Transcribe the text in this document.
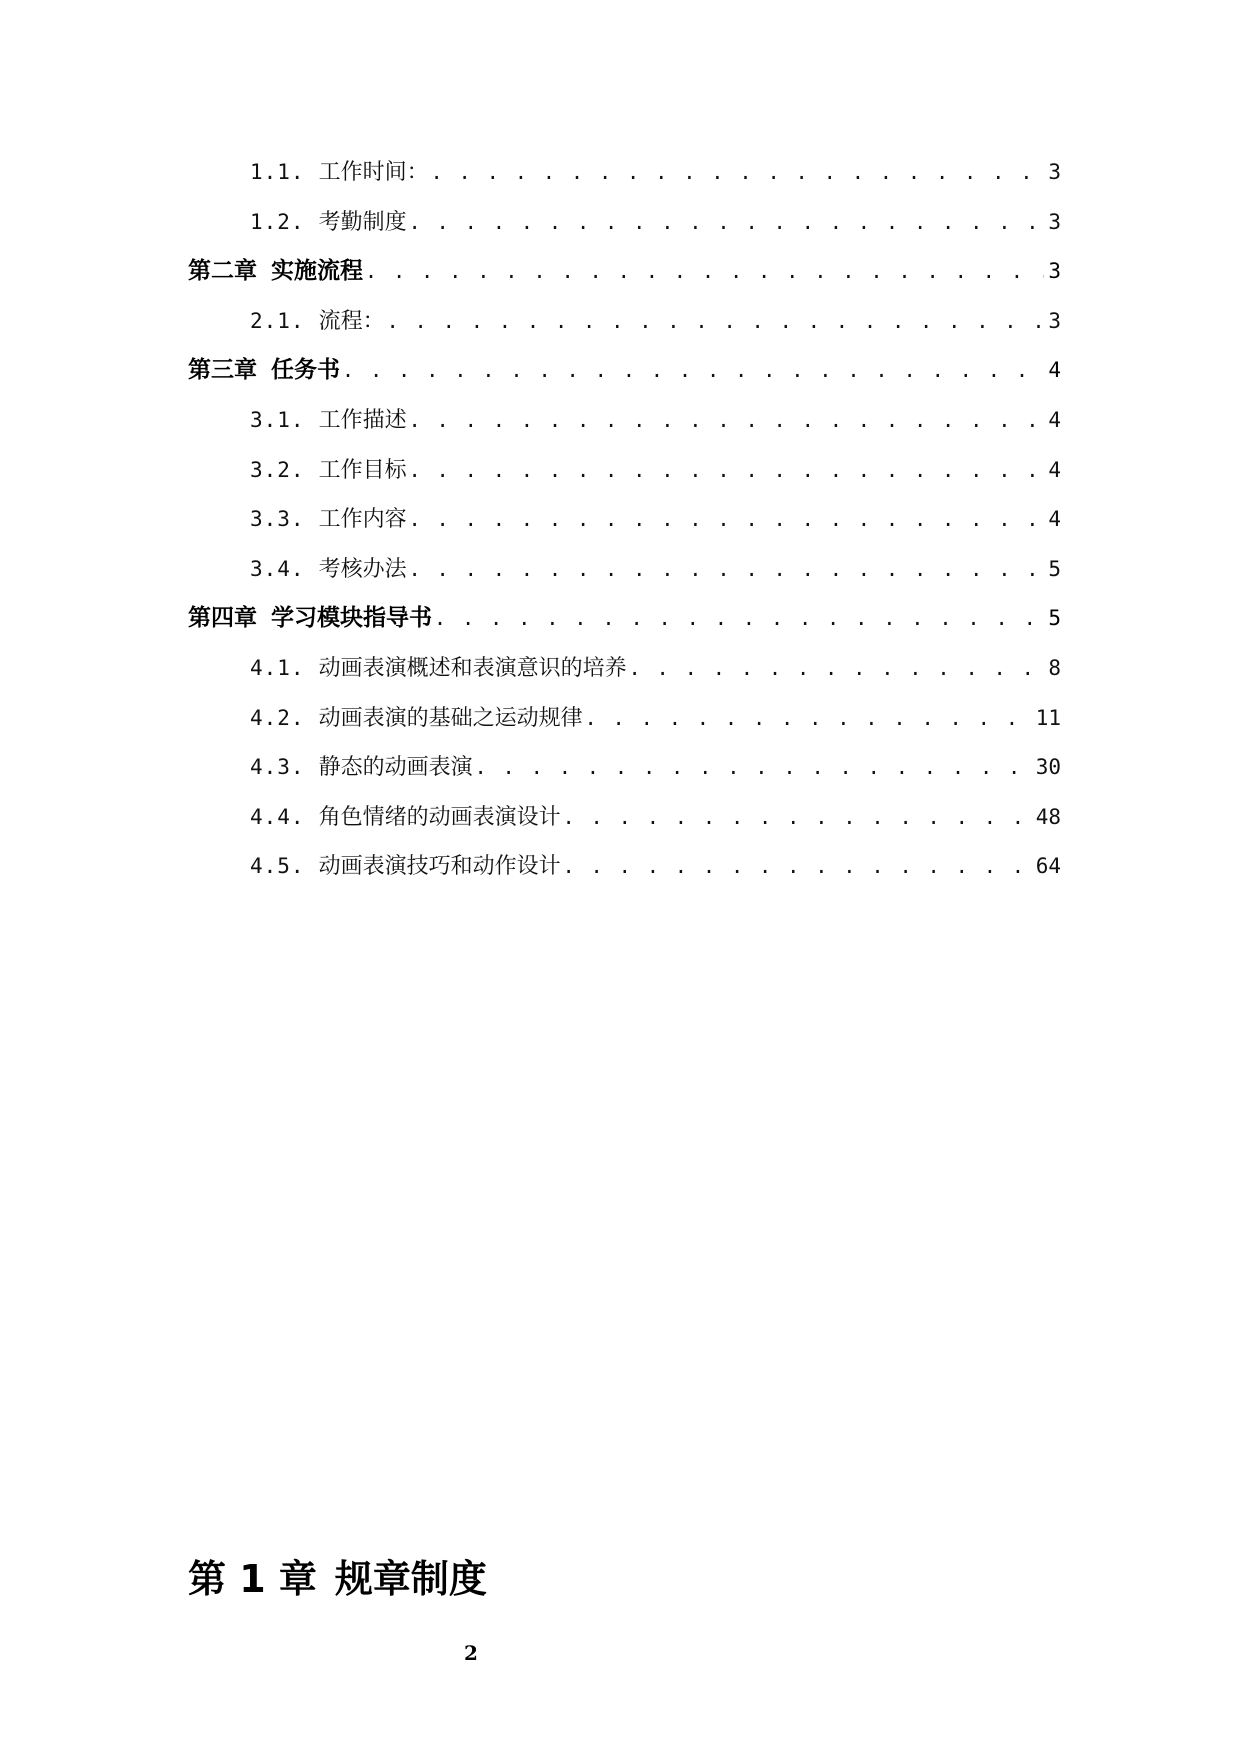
1.1. 工作时间： . . .	3
1.2. 考勤制度 . . .	3
第二章 实施流程 . . .	3
2.1. 流程： . . .	3
第三章 任务书 . . .	4
3.1. 工作描述 . . .	4
3.2. 工作目标 . . .	4
3.3. 工作内容 . . .	4
3.4. 考核办法 . . .	5
第四章 学习模块指导书 . . .	5
4.1. 动画表演概述和表演意识的培养 . . .	8
4.2. 动画表演的基础之运动规律 . . .	11
4.3. 静态的动画表演 . . .	30
4.4. 角色情绪的动画表演设计 . . .	48
4.5. 动画表演技巧和动作设计 . . .	64
第 1 章 规章制度
2
